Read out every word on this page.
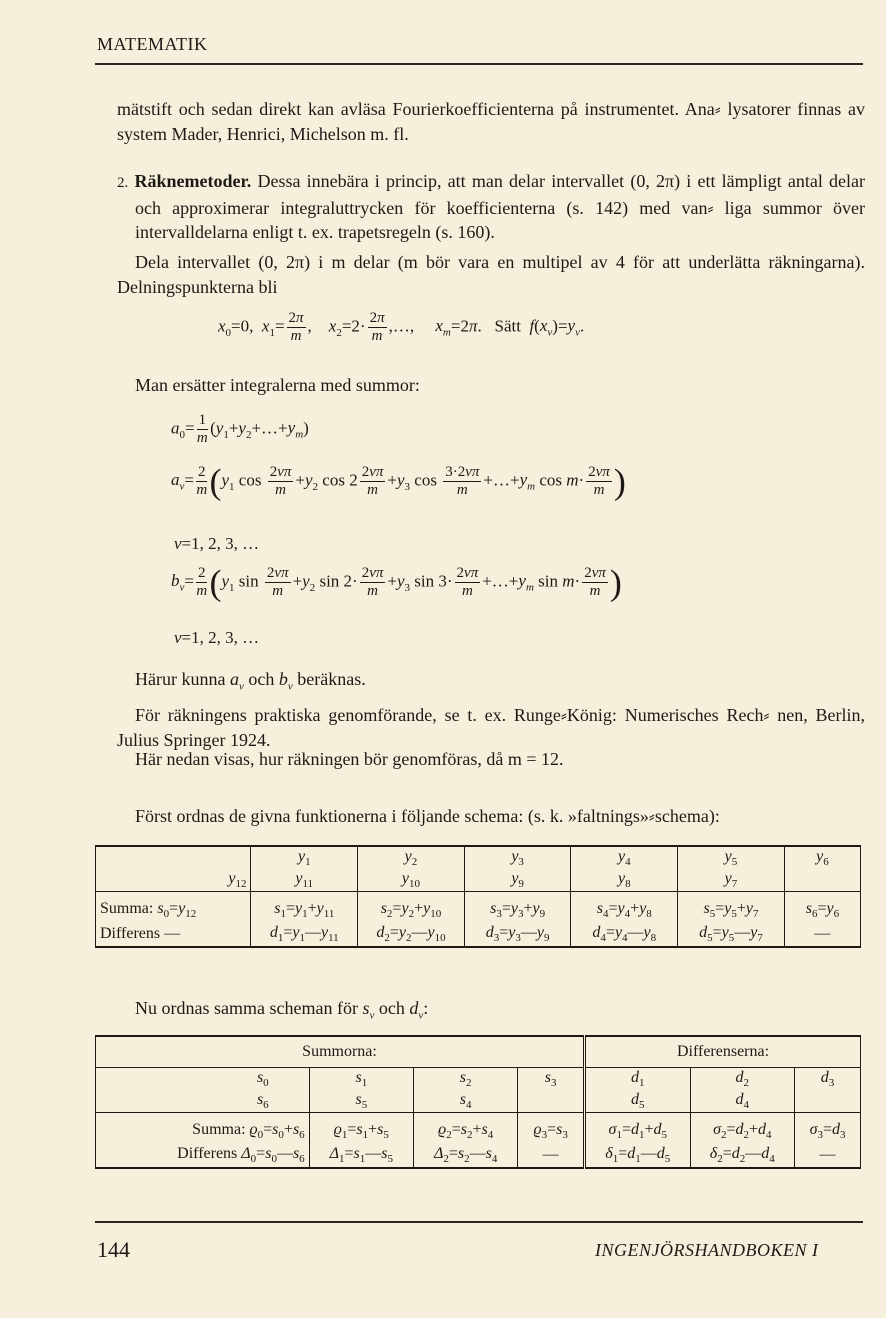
MATEMATIK

mätstift och sedan direkt kan avläsa Fourierkoefficienterna på instrumentet. Ana⸗ lysatorer finnas av system Mader, Henrici, Michelson m. fl.

2. Räknemetoder. Dessa innebära i princip, att man delar intervallet (0, 2π) i ett lämpligt antal delar och approximerar integraluttrycken för koefficienterna (s. 142) med van⸗ liga summor över intervalldelarna enligt t. ex. trapetsregeln (s. 160).

Dela intervallet (0, 2π) i m delar (m bör vara en multipel av 4 för att underlätta räkningarna). Delningspunkterna bli

$x_0=0$,  $x_1= \frac{2\pi}{m}$ ,    $x_2=2\cdot \frac{2\pi}{m}$ ,…,     $x_m=2\pi$.   Sätt  $f(x_\nu)=y_\nu$.

Man ersätter integralerna med summor:

$a_0= \frac{1}{m}$ $(y_1+y_2+\dots+y_m)$
$a_\nu= \frac{2}{m} (y_1$ $\cos \frac{2\nu\pi}{m} +y_2$ $\cos 2 \frac{2\nu\pi}{m} +y_3$ $\cos \frac{3\cdot 2\nu\pi}{m}$ $+\dots+y_m$ $\cos m\cdot \frac{2\nu\pi}{m}$ )
ν=1, 2, 3, …
$b_\nu= \frac{2}{m} (y_1$ $\sin \frac{2\nu\pi}{m} +y_2$ $\sin 2\cdot \frac{2\nu\pi}{m} +y_3$ $\sin 3\cdot \frac{2\nu\pi}{m}$ $+\dots+y_m$ $\sin m\cdot \frac{2\nu\pi}{m}$ )
ν=1, 2, 3, …

Härur kunna $a_\nu$ och $b_\nu$ beräknas.

För räkningens praktiska genomförande, se t. ex. Runge⸗König: Numerisches Rech⸗ nen, Berlin, Julius Springer 1924.

Här nedan visas, hur räkningen bör genomföras, då m = 12.

Först ordnas de givna funktionerna i följande schema: (s. k. »faltnings»⸗schema):

	$y_1$	$y_2$	$y_3$	$y_4$	$y_5$	$y_6$
$y_{12}$	$y_{11}$	$y_{10}$	$y_9$	$y_8$	$y_7$	
Summa: $s_0=y_{12}$	$s_1=y_1+y_{11}$	$s_2=y_2+y_{10}$	$s_3=y_3+y_9$	$s_4=y_4+y_8$	$s_5=y_5+y_7$	$s_6=y_6$
Differens —	$d_1=y_1—y_{11}$	$d_2=y_2—y_{10}$	$d_3=y_3—y_9$	$d_4=y_4—y_8$	$d_5=y_5—y_7$	—

Nu ordnas samma scheman för $s_\nu$ och $d_\nu$:

Summorna:				Differenserna:		
$s_0$	$s_1$	$s_2$	$s_3$	$d_1$	$d_2$	$d_3$
$s_6$	$s_5$	$s_4$		$d_5$	$d_4$	
Summa: $ϱ_0=s_0+s_6$	$ϱ_1=s_1+s_5$	$ϱ_2=s_2+s_4$	$ϱ_3=s_3$	$\sigma_1=d_1+d_5$	$\sigma_2=d_2+d_4$	$\sigma_3=d_3$
Differens $\Delta_0=s_0—s_6$	$\Delta_1=s_1—s_5$	$\Delta_2=s_2—s_4$	—	$\delta_1=d_1—d_5$	$\delta_2=d_2—d_4$	—
144	INGENJÖRSHANDBOKEN I
